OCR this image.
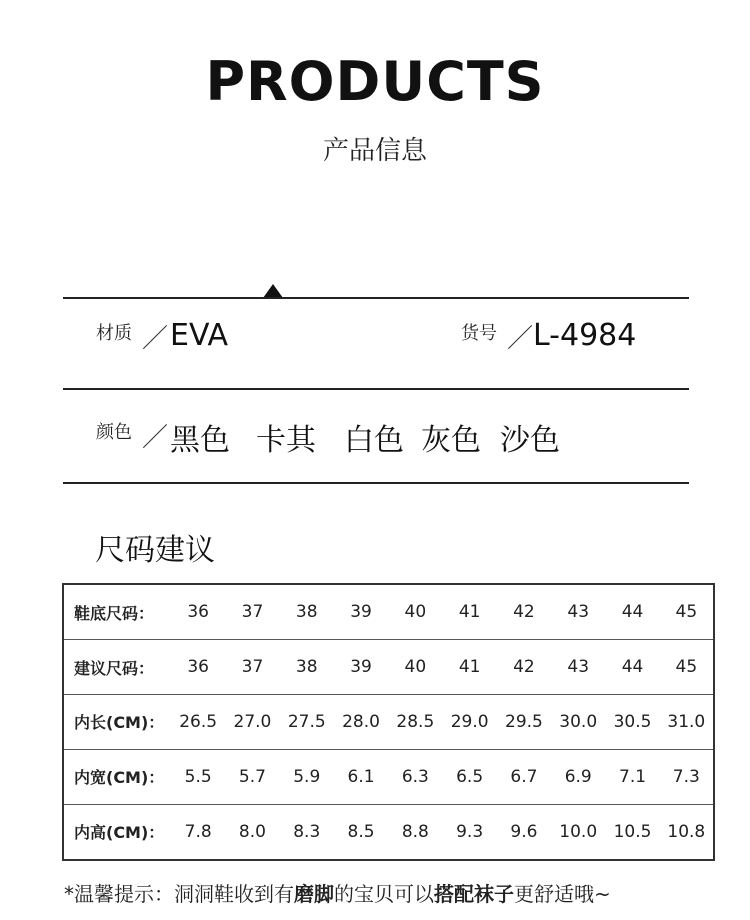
PRODUCTS
产品信息
材质 ／ EVA	货号 ／ L-4984
颜色 ／ 黑色 卡其 白色 灰色 沙色
尺码建议
鞋底尺码：	36	37	38	39	40	41	42	43	44	45
建议尺码：	36	37	38	39	40	41	42	43	44	45
内长(CM)：	26.5	27.0	27.5	28.0	28.5	29.0	29.5	30.0	30.5	31.0
内宽(CM)：	5.5	5.7	5.9	6.1	6.3	6.5	6.7	6.9	7.1	7.3
内高(CM)：	7.8	8.0	8.3	8.5	8.8	9.3	9.6	10.0	10.5	10.8
*温馨提示：洞洞鞋收到有磨脚的宝贝可以搭配袜子更舒适哦~
